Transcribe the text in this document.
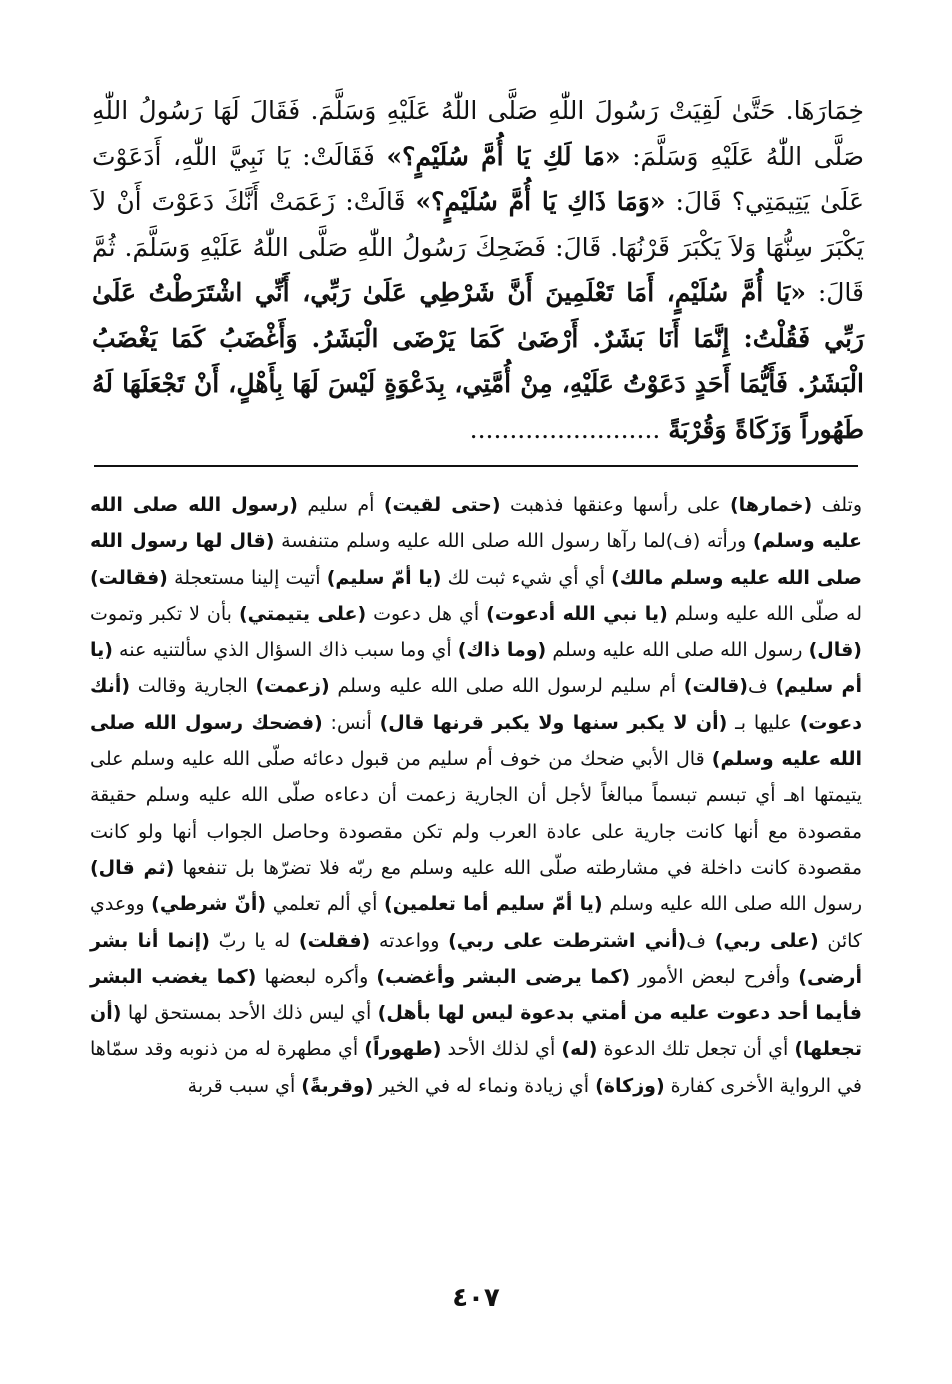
خِمَارَهَا. حَتَّىٰ لَقِيَتْ رَسُولَ اللّٰهِ صَلَّى اللّٰهُ عَلَيْهِ وَسَلَّمَ. فَقَالَ لَهَا رَسُولُ اللّٰهِ صَلَّى اللّٰهُ عَلَيْهِ وَسَلَّمَ: «مَا لَكِ يَا أُمَّ سُلَيْمٍ؟» فَقَالَتْ: يَا نَبِيَّ اللّٰهِ، أَدَعَوْتَ عَلَىٰ يَتِيمَتِي؟ قَالَ: «وَمَا ذَاكِ يَا أُمَّ سُلَيْمٍ؟» قَالَتْ: زَعَمَتْ أَنَّكَ دَعَوْتَ أَنْ لاَ يَكْبَرَ سِنُّهَا وَلاَ يَكْبَرَ قَرْنُهَا. قَالَ: فَضَحِكَ رَسُولُ اللّٰهِ صَلَّى اللّٰهُ عَلَيْهِ وَسَلَّمَ. ثُمَّ قَالَ: «يَا أُمَّ سُلَيْمٍ، أَمَا تَعْلَمِينَ أَنَّ شَرْطِي عَلَىٰ رَبِّي، أَنِّي اشْتَرَطْتُ عَلَىٰ رَبِّي فَقُلْتُ: إِنَّمَا أَنَا بَشَرٌ. أَرْضَىٰ كَمَا يَرْضَى الْبَشَرُ. وَأَغْضَبُ كَمَا يَغْضَبُ الْبَشَرُ. فَأَيُّمَا أَحَدٍ دَعَوْتُ عَلَيْهِ، مِنْ أُمَّتِي، بِدَعْوَةٍ لَيْسَ لَهَا بِأَهْلٍ، أَنْ تَجْعَلَهَا لَهُ طَهُوراً وَزَكَاةً وَقُرْبَةً ........................
وتلف (خمارها) على رأسها وعنقها فذهبت (حتى لقيت) أم سليم (رسول الله صلى الله عليه وسلم) ورأته (ف)لما رآها رسول الله صلى الله عليه وسلم متنفسة (قال لها رسول الله صلى الله عليه وسلم مالك) أي أي شيء ثبت لك (يا أمّ سليم) أتيت إلينا مستعجلة (فقالت) له صلّى الله عليه وسلم (يا نبي الله أدعوت) أي هل دعوت (على يتيمتي) بأن لا تكبر وتموت (قال) رسول الله صلى الله عليه وسلم (وما ذاك) أي وما سبب ذاك السؤال الذي سألتنيه عنه (يا أم سليم) ف(قالت) أم سليم لرسول الله صلى الله عليه وسلم (زعمت) الجارية وقالت (أنك دعوت) عليها بـ (أن لا يكبر سنها ولا يكبر قرنها قال) أنس: (فضحك رسول الله صلى الله عليه وسلم) قال الأبي ضحك من خوف أم سليم من قبول دعائه صلّى الله عليه وسلم على يتيمتها اهـ أي تبسم تبسماً مبالغاً لأجل أن الجارية زعمت أن دعاءه صلّى الله عليه وسلم حقيقة مقصودة مع أنها كانت جارية على عادة العرب ولم تكن مقصودة وحاصل الجواب أنها ولو كانت مقصودة كانت داخلة في مشارطته صلّى الله عليه وسلم مع ربّه فلا تضرّها بل تنفعها (ثم قال) رسول الله صلى الله عليه وسلم (يا أمّ سليم أما تعلمين) أي ألم تعلمي (أنّ شرطي) ووعدي كائن (على ربي) ف(أني اشترطت على ربي) وواعدته (فقلت) له يا ربّ (إنما أنا بشر أرضى) وأفرح لبعض الأمور (كما يرضى البشر وأغضب) وأكره لبعضها (كما يغضب البشر فأيما أحد دعوت عليه من أمتي بدعوة ليس لها بأهل) أي ليس ذلك الأحد بمستحق لها (أن تجعلها) أي أن تجعل تلك الدعوة (له) أي لذلك الأحد (طهوراً) أي مطهرة له من ذنوبه وقد سمّاها في الرواية الأخرى كفارة (وزكاة) أي زيادة ونماء له في الخير (وقربةً) أي سبب قربة
٤٠٧
